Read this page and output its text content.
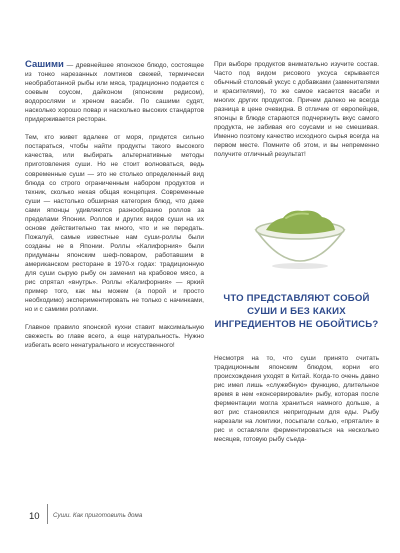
Сашими — древнейшее японское блюдо, состоящее из тонко нарезанных ломтиков свежей, термически необработанной рыбы или мяса, традиционно подается с соевым соусом, дайконом (японским редисом), водорослями и хреном васаби. По сашими судят, насколько хорошо повар и насколько высоких стандартов придерживается ресторан.

Тем, кто живет вдалеке от моря, придется сильно постараться, чтобы найти продукты такого высокого качества, или выбирать альтернативные методы приготовления суши. Но не стоит волноваться, ведь современные суши — это не столько определенный вид блюда со строго ограниченным набором продуктов и техник, сколько некая общая концепция. Современные суши — настолько обширная категория блюд, что даже сами японцы удивляются разнообразию роллов за пределами Японии. Роллов и других видов суши на их основе действительно так много, что и не передать. Пожалуй, самые известные нам суши-роллы были созданы не в Японии. Роллы «Калифорния» были придуманы японским шеф-поваром, работавшим в американском ресторане в 1970-х годах: традиционную для суши сырую рыбу он заменил на крабовое мясо, а рис спрятал «внутрь». Роллы «Калифорния» — яркий пример того, как мы можем (а порой и просто необходимо) экспериментировать не только с начинками, но и с самими роллами.

Главное правило японской кухни ставит максимальную свежесть во главе всего, а еще натуральность. Нужно избегать всего ненатурального и искусственного!

При выборе продуктов внимательно изучите состав. Часто под видом рисового уксуса скрывается обычный столовый уксус с добавками (заменителями и красителями), то же самое касается васаби и многих других продуктов. Причем далеко не всегда разница в цене очевидна. В отличие от европейцев, японцы в блюде стараются подчеркнуть вкус самого продукта, не забивая его соусами и не смешивая. Именно поэтому качество исходного сырья всегда на первом месте. Помните об этом, и вы непременно получите отличный результат!

ЧТО ПРЕДСТАВЛЯЮТ СОБОЙ СУШИ И БЕЗ КАКИХ ИНГРЕДИЕНТОВ НЕ ОБОЙТИСЬ?

Несмотря на то, что суши принято считать традиционным японским блюдом, корни его происхождения уходят в Китай. Когда-то очень давно рис имел лишь «служебную» функцию, длительное время в нем «консервировали» рыбу, которая после ферментации могла храниться намного дольше, а вот рис становился непригодным для еды. Рыбу нарезали на ломтики, посыпали солью, «прятали» в рис и оставляли ферментироваться на несколько месяцев, готовую рыбу съеда-

10 Суши. Как приготовить дома
